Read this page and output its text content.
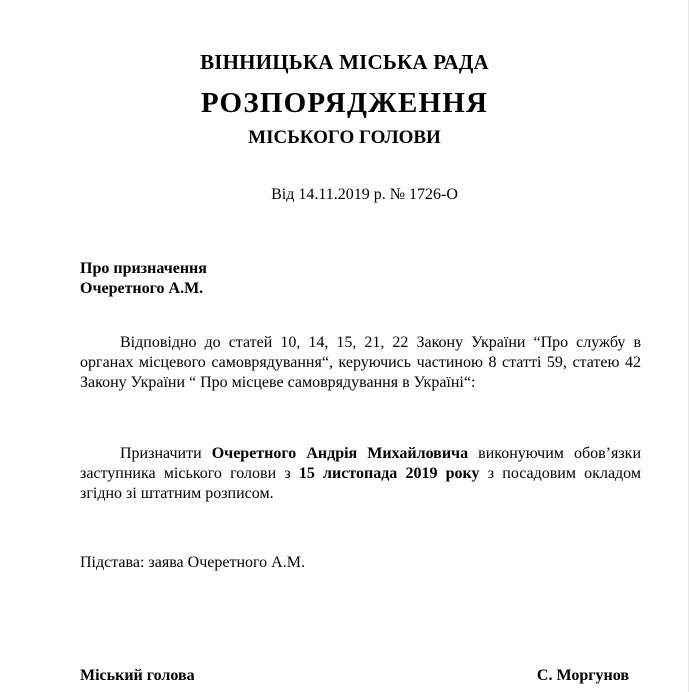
ВІННИЦЬКА МІСЬКА РАДА
РОЗПОРЯДЖЕННЯ
МІСЬКОГО ГОЛОВИ
Від 14.11.2019 р. № 1726-О
Про призначення
Очеретного А.М.
Відповідно до статей 10, 14, 15, 21, 22 Закону України “Про службу в
органах місцевого самоврядування“, керуючись частиною 8 статті 59, статею 42
Закону України “ Про місцеве самоврядування в Україні“:
Призначити Очеретного Андрія Михайловича виконуючим обов’язки
заступника міського голови з 15 листопада 2019 року з посадовим окладом
згідно зі штатним розписом.
Підстава: заява Очеретного А.М.
Міський голова	С. Моргунов
